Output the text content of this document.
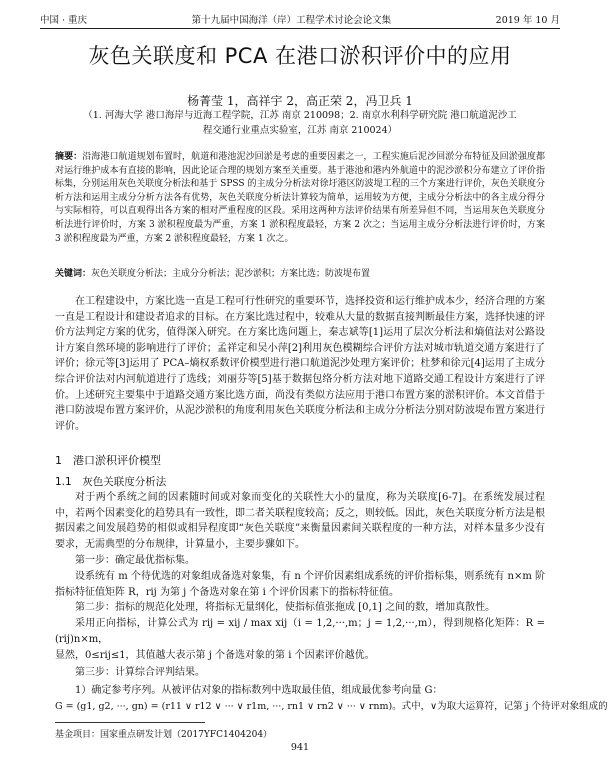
中国 · 重庆	第十九届中国海洋（岸）工程学术讨论会论文集	2019 年 10 月
灰色关联度和 PCA 在港口淤积评价中的应用
杨菁莹 1，高祥宇 2，高正荣 2，冯卫兵 1
（1. 河海大学 港口海岸与近海工程学院，江苏 南京 210098；2. 南京水利科学研究院 港口航道泥沙工
程交通行业重点实验室，江苏 南京 210024）
摘要：沿海港口航道规划布置时，航道和港池泥沙回淤是考虑的重要因素之一，工程实施后泥沙回淤分布特征及回淤强度都对运行维护成本有直接的影响，因此论证合理的规划方案至关重要。基于港池和港内外航道中的泥沙淤积分布建立了评价指标集，分别运用灰色关联度分析法和基于 SPSS 的主成分分析法对徐圩港区防波堤工程的三个方案进行评价，灰色关联度分析方法和运用主成分分析方法各有优势，灰色关联度分析法计算较为简单，运用较为方便，主成分分析法中的各主成分得分与实际相符，可以直观得出各方案的相对严重程度的区段。采用这两种方法评价结果有所差异但不同，当运用灰色关联度分析法进行评价时，方案 3 淤积程度最为严重，方案 1 淤积程度最轻，方案 2 次之；当运用主成分分析法进行评价时，方案 3 淤积程度最为严重，方案 2 淤积程度最轻，方案 1 次之。
关键词：灰色关联度分析法；主成分分析法；泥沙淤积；方案比选；防波堤布置
在工程建设中，方案比选一直是工程可行性研究的重要环节，选择投资和运行维护成本少，经济合理的方案一直是工程设计和建设者追求的目标。在方案比选过程中，较难从大量的数据直接判断最佳方案，选择快速的评价方法判定方案的优劣，值得深入研究。在方案比选问题上，秦志斌等[1]运用了层次分析法和熵值法对公路设计方案自然环境的影响进行了评价；孟祥定和吴小萍[2]利用灰色模糊综合评价方法对城市轨道交通方案进行了评价；徐元等[3]运用了 PCA–熵权系数评价模型进行港口航道泥沙处理方案评价；杜梦和徐元[4]运用了主成分综合评价法对内河航道进行了选线；刘丽芬等[5]基于数据包络分析方法对地下道路交通工程设计方案进行了评价。上述研究主要集中于道路交通方案比选方面，尚没有类似方法应用于港口布置方案的淤积评价。本文首借于港口防波堤布置方案评价，从泥沙淤积的角度利用灰色关联度分析法和主成分分析法分别对防波堤布置方案进行评价。
1　港口淤积评价模型
1.1　灰色关联度分析法
对于两个系统之间的因素随时间或对象而变化的关联性大小的量度，称为关联度[6-7]。在系统发展过程中，若两个因素变化的趋势具有一致性，即二者关联程度较高；反之，则较低。因此，灰色关联度分析方法是根据因素之间发展趋势的相似或相异程度即“灰色关联度”来衡量因素间关联程度的一种方法，对样本量多少没有要求，无需典型的分布规律，计算量小，主要步骤如下。
第一步：确定最优指标集。
设系统有 m 个待优选的对象组成备选对象集，有 n 个评价因素组成系统的评价指标集，则系统有 n×m 阶指标特征值矩阵 R，rij 为第 j 个备选对象在第 i 个评价因素下的指标特征值。
第二步：指标的规范化处理，将指标无量纲化，使指标值张拖成 [0,1] 之间的数，增加真散性。
采用正向指标，计算公式为 rij = xij / max xij（i = 1,2,···,m；j = 1,2,···,m），得到规格化矩阵：R = (rij)n×m，
显然，0≤rij≤1，其值越大表示第 j 个备选对象的第 i 个因素评价越优。
第三步：计算综合评判结果。
1）确定参考序列。从被评估对象的指标数列中选取最佳值，组成最优参考向量 G：
G = (g1, g2, ···, gn) = (r11 ∨ r12 ∨ ··· ∨ r1m, ···, rn1 ∨ rn2 ∨ ··· ∨ rnm)。式中，∨为取大运算符，记第 j 个待评对象组成的
基金项目：国家重点研发计划（2017YFC1404204）
941
